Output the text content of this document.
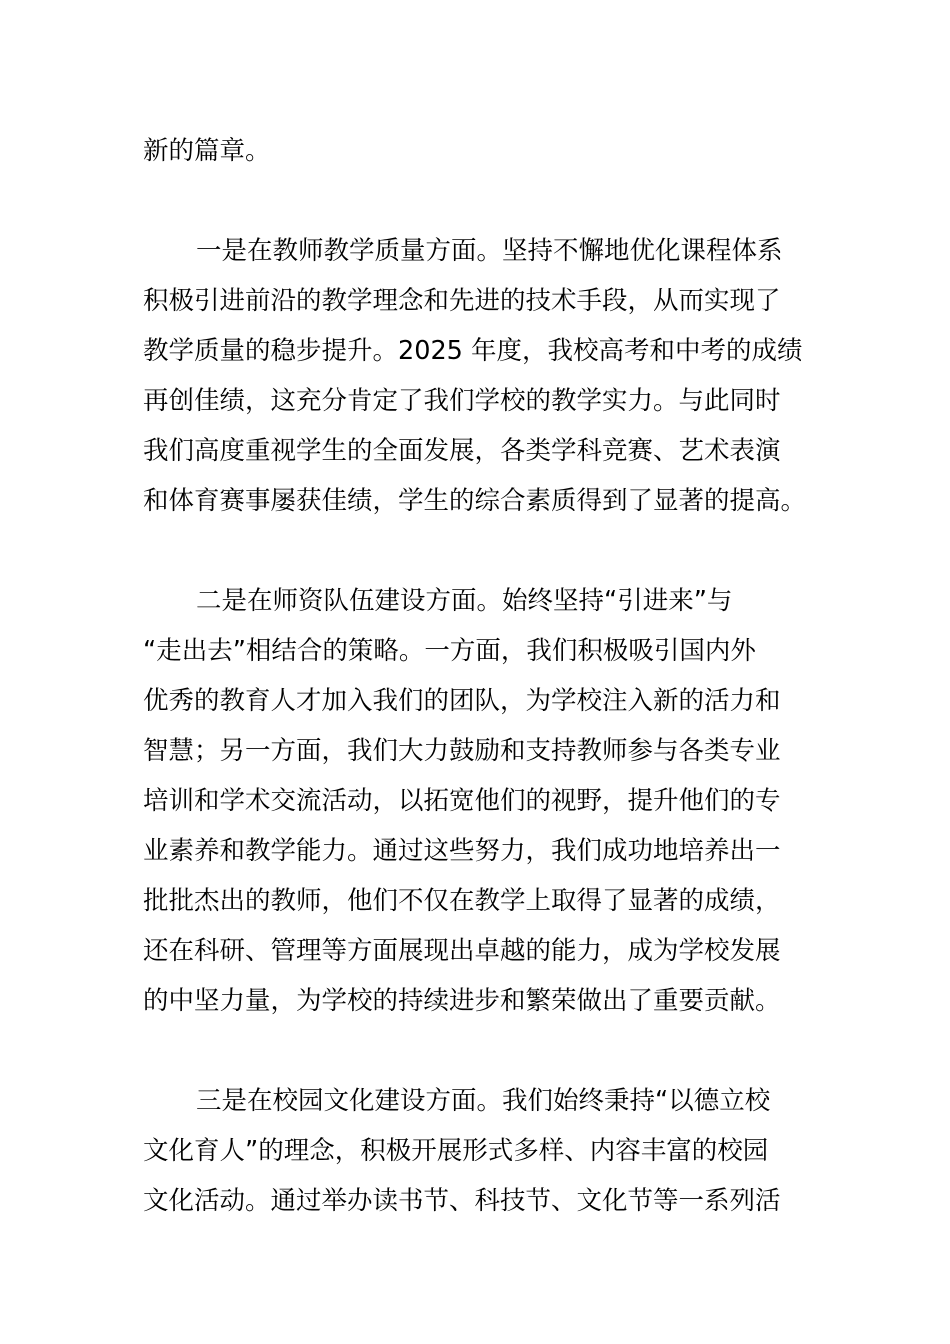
新的篇章。
一是在教师教学质量方面。坚持不懈地优化课程体系
积极引进前沿的教学理念和先进的技术手段，从而实现了
教学质量的稳步提升。2025 年度，我校高考和中考的成绩
再创佳绩，这充分肯定了我们学校的教学实力。与此同时
我们高度重视学生的全面发展，各类学科竞赛、艺术表演
和体育赛事屡获佳绩，学生的综合素质得到了显著的提高。
二是在师资队伍建设方面。始终坚持“引进来”与
“走出去”相结合的策略。一方面，我们积极吸引国内外
优秀的教育人才加入我们的团队，为学校注入新的活力和
智慧；另一方面，我们大力鼓励和支持教师参与各类专业
培训和学术交流活动，以拓宽他们的视野，提升他们的专
业素养和教学能力。通过这些努力，我们成功地培养出一
批批杰出的教师，他们不仅在教学上取得了显著的成绩，
还在科研、管理等方面展现出卓越的能力，成为学校发展
的中坚力量，为学校的持续进步和繁荣做出了重要贡献。
三是在校园文化建设方面。我们始终秉持“以德立校
文化育人”的理念，积极开展形式多样、内容丰富的校园
文化活动。通过举办读书节、科技节、文化节等一系列活
